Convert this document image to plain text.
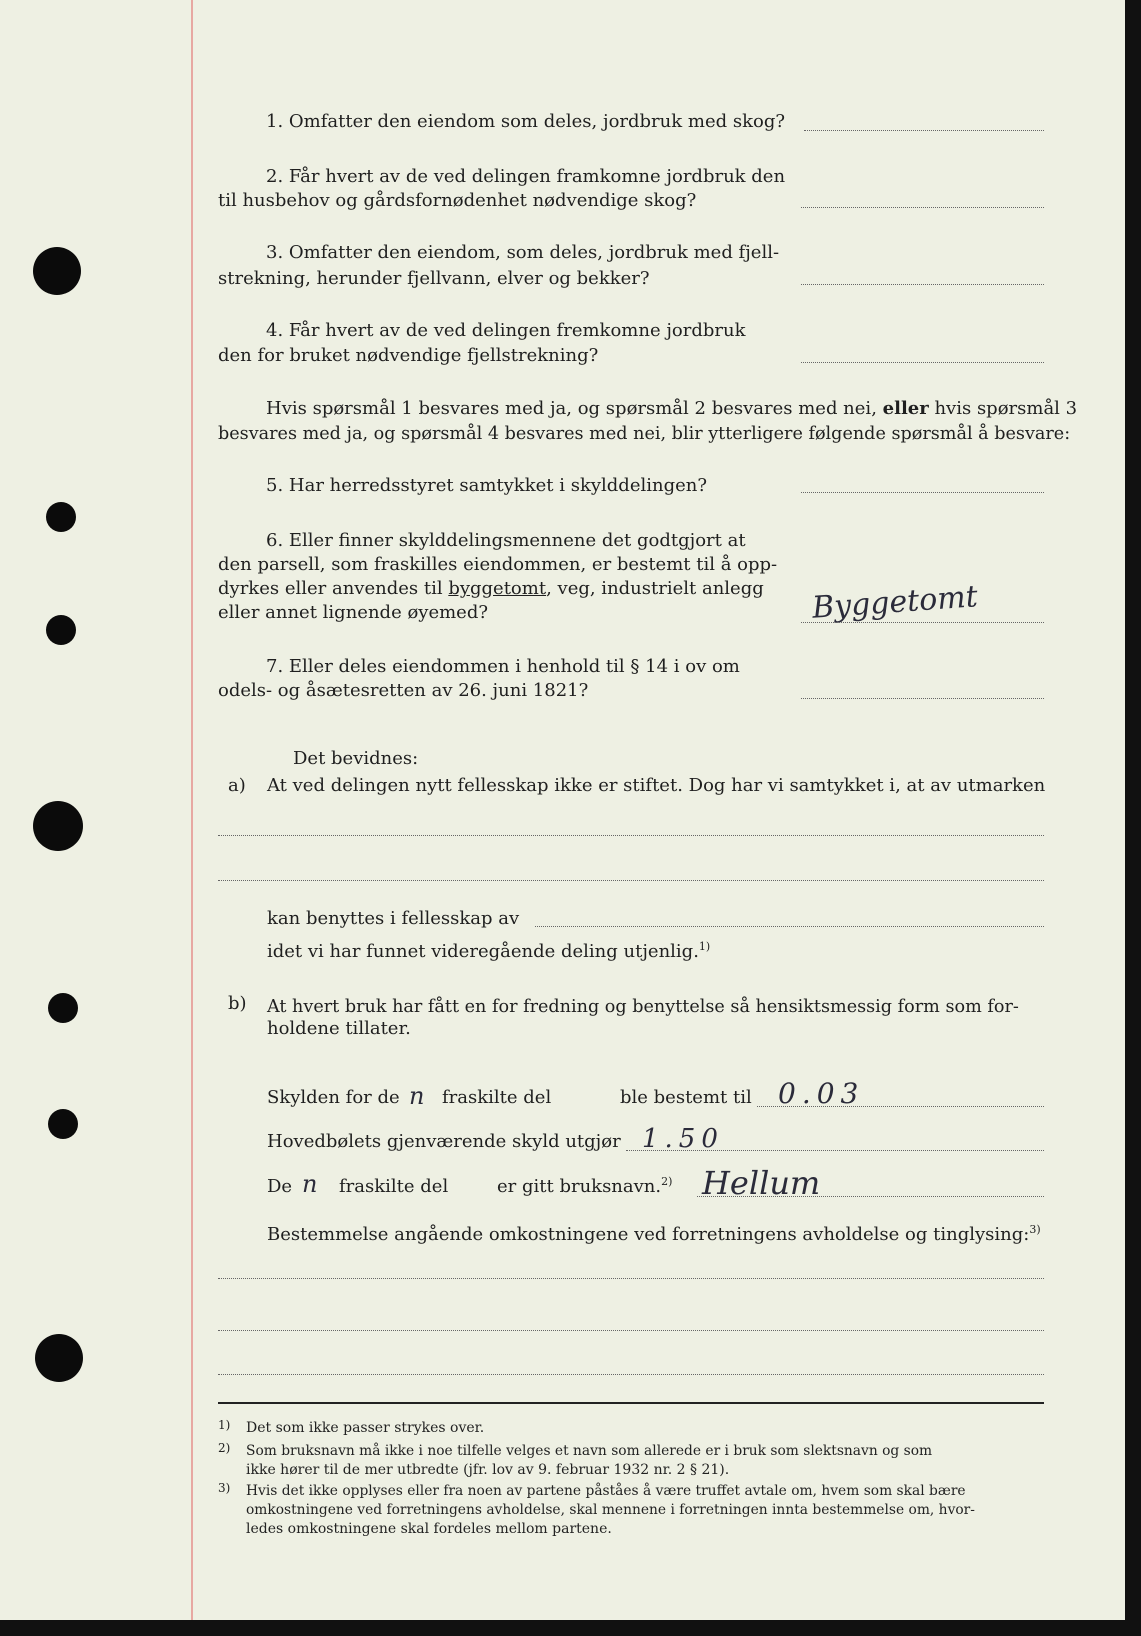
1. Omfatter den eiendom som deles, jordbruk med skog?
2. Får hvert av de ved delingen framkomne jordbruk den
til husbehov og gårdsfornødenhet nødvendige skog?
3. Omfatter den eiendom, som deles, jordbruk med fjell-
strekning, herunder fjellvann, elver og bekker?
4. Får hvert av de ved delingen fremkomne jordbruk
den for bruket nødvendige fjellstrekning?
Hvis spørsmål 1 besvares med ja, og spørsmål 2 besvares med nei, eller hvis spørsmål 3
besvares med ja, og spørsmål 4 besvares med nei, blir ytterligere følgende spørsmål å besvare:
5. Har herredsstyret samtykket i skylddelingen?
6. Eller finner skylddelingsmennene det godtgjort at
den parsell, som fraskilles eiendommen, er bestemt til å opp-
dyrkes eller anvendes til byggetomt, veg, industrielt anlegg
eller annet lignende øyemed?	Byggetomt
7. Eller deles eiendommen i henhold til § 14 i ov om
odels- og åsætesretten av 26. juni 1821?
Det bevidnes:
a) At ved delingen nytt fellesskap ikke er stiftet. Dog har vi samtykket i, at av utmarken
kan benyttes i fellesskap av
idet vi har funnet videregående deling utjenlig.$^{1)}$
b) At hvert bruk har fått en for fredning og benyttelse så hensiktsmessig form som for-
holdene tillater.
Skylden for de n fraskilte del	ble bestemt til 0.03
Hovedbølets gjenværende skyld utgjør 1.50
De n fraskilte del	er gitt bruksnavn.$^{2)}$ Hellum
Bestemmelse angående omkostningene ved forretningens avholdelse og tinglysing:$^{3)}$
1) Det som ikke passer strykes over.
2) Som bruksnavn må ikke i noe tilfelle velges et navn som allerede er i bruk som slektsnavn og som
ikke hører til de mer utbredte (jfr. lov av 9. februar 1932 nr. 2 § 21).
3) Hvis det ikke opplyses eller fra noen av partene påståes å være truffet avtale om, hvem som skal bære
omkostningene ved forretningens avholdelse, skal mennene i forretningen innta bestemmelse om, hvor-
ledes omkostningene skal fordeles mellom partene.
